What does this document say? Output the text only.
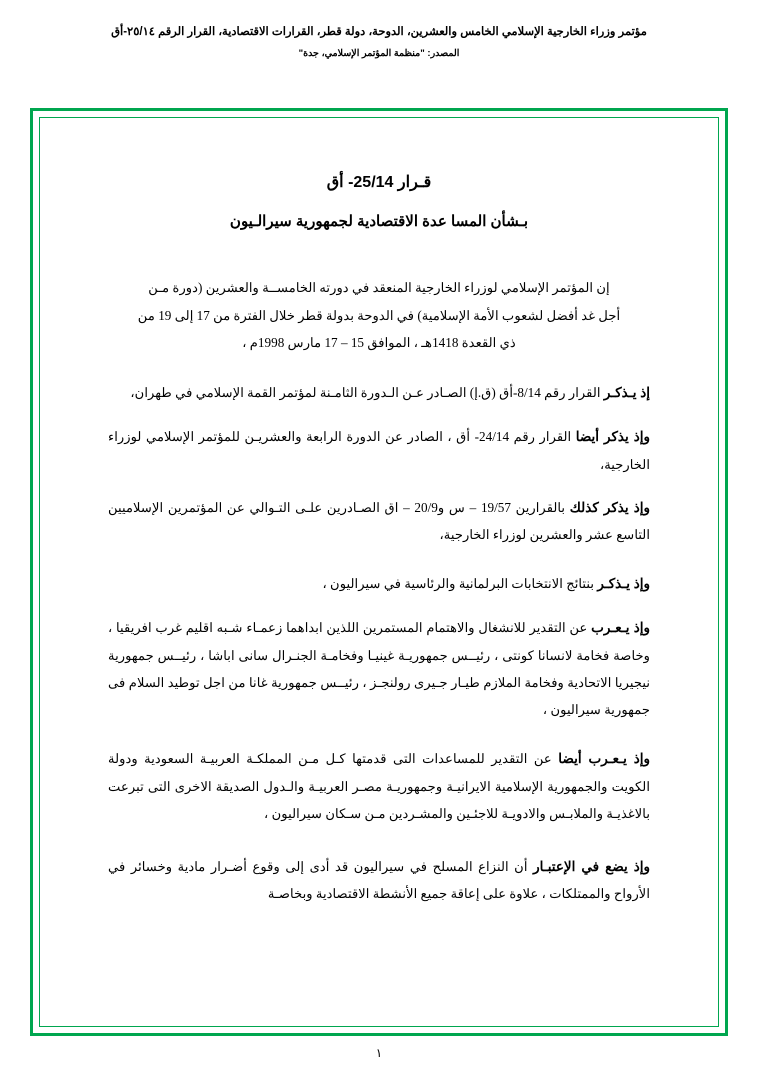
مؤتمر وزراء الخارجية الإسلامي الخامس والعشرين، الدوحة، دولة قطر، القرارات الاقتصادية، القرار الرقم ٢٥/١٤-أق
المصدر: "منظمة المؤتمر الإسلامي، جدة"
قـرار 25/14- أق
بـشأن المسا عدة الاقتصادية لجمهورية سيرالـيون
إن المؤتمر الإسلامي لوزراء الخارجية المنعقد في دورته الخامســة والعشرين (دورة مـن
أجل غد أفضل لشعوب الأمة الإسلامية) في الدوحة بدولة قطر خلال الفترة من 17 إلى 19 من
ذي القعدة 1418هـ ، الموافق 15 – 17 مارس 1998م ،

إذ يـذكـر القرار رقم 8/14-أق (ق.إ) الصـادر عـن الـدورة الثامـنة لمؤتمر القمة الإسلامي في طهران،

وإذ يذكر أيضا القرار رقم 24/14- أق ، الصادر عن الدورة الرابعة والعشريـن للمؤتمر الإسلامي لوزراء الخارجية،

وإذ يذكر كذلك بالقرارين 19/57 – س و20/9 – اق الصـادرين علـى التـوالي عن المؤتمرين الإسلاميين التاسع عشر والعشرين لوزراء الخارجية،

وإذ يـذكـر بنتائج الانتخابات البرلمانية والرئاسية في سيراليون ،

وإذ يـعـرب عن التقدير للانشغال والاهتمام المستمرين اللذين ابداهما زعمـاء شـبه اقليم غرب افريقيا ، وخاصة فخامة لانسانا كونتى ، رئيــس جمهوريـة غينيـا وفخامـة الجنـرال سانى اباشا ، رئيــس جمهورية نيجيريا الاتحادية وفخامة الملازم طيـار جـيرى رولنجـز ، رئيــس جمهورية غانا من اجل توطيد السلام فى جمهورية سيراليون ،

وإذ يـعـرب أيضا عن التقدير للمساعدات التى قدمتها كـل مـن المملكـة العربيـة السعودية ودولة الكويت والجمهورية الإسلامية الايرانيـة وجمهوريـة مصـر العربيـة والـدول الصديقة الاخرى التى تبرعت بالاغذيـة والملابـس والادويـة للاجئـين والمشـردين مـن سـكان سيراليون ،

وإذ يضع في الإعتبـار أن النزاع المسلح في سيراليون قد أدى إلى وقوع أضـرار مادية وخسائر في الأرواح والممتلكات ، علاوة على إعاقة جميع الأنشطة الاقتصادية وبخاصـة

١
